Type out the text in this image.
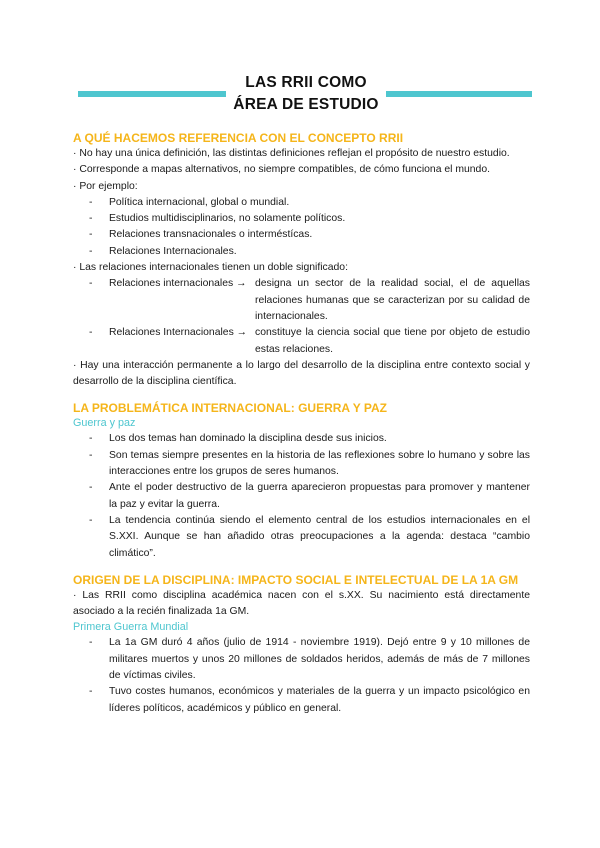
LAS RRII COMO
ÁREA DE ESTUDIO
A QUÉ HACEMOS REFERENCIA CON EL CONCEPTO RRII

· No hay una única definición, las distintas definiciones reflejan el propósito de nuestro estudio.

· Corresponde a mapas alternativos, no siempre compatibles, de cómo funciona el mundo.

· Por ejemplo:

- Política internacional, global o mundial.
- Estudios multidisciplinarios, no solamente políticos.
- Relaciones transnacionales o interméstícas.
- Relaciones Internacionales.

· Las relaciones internacionales tienen un doble significado:

- Relaciones internacionales → designa un sector de la realidad social, el de aquellas relaciones humanas que se caracterizan por su calidad de internacionales.
- Relaciones Internacionales → constituye la ciencia social que tiene por objeto de estudio estas relaciones.

· Hay una interacción permanente a lo largo del desarrollo de la disciplina entre contexto social y desarrollo de la disciplina científica.

LA PROBLEMÁTICA INTERNACIONAL: GUERRA Y PAZ
Guerra y paz
- Los dos temas han dominado la disciplina desde sus inicios.
- Son temas siempre presentes en la historia de las reflexiones sobre lo humano y sobre las interacciones entre los grupos de seres humanos.
- Ante el poder destructivo de la guerra aparecieron propuestas para promover y mantener la paz y evitar la guerra.
- La tendencia continúa siendo el elemento central de los estudios internacionales en el S.XXI. Aunque se han añadido otras preocupaciones a la agenda: destaca “cambio climático”.
ORIGEN DE LA DISCIPLINA: IMPACTO SOCIAL E INTELECTUAL DE LA 1A GM

· Las RRII como disciplina académica nacen con el s.XX. Su nacimiento está directamente asociado a la recién finalizada 1a GM.

Primera Guerra Mundial
- La 1a GM duró 4 años (julio de 1914 - noviembre 1919). Dejó entre 9 y 10 millones de militares muertos y unos 20 millones de soldados heridos, además de más de 7 millones de víctimas civiles.
- Tuvo costes humanos, económicos y materiales de la guerra y un impacto psicológico en líderes políticos, académicos y público en general.
